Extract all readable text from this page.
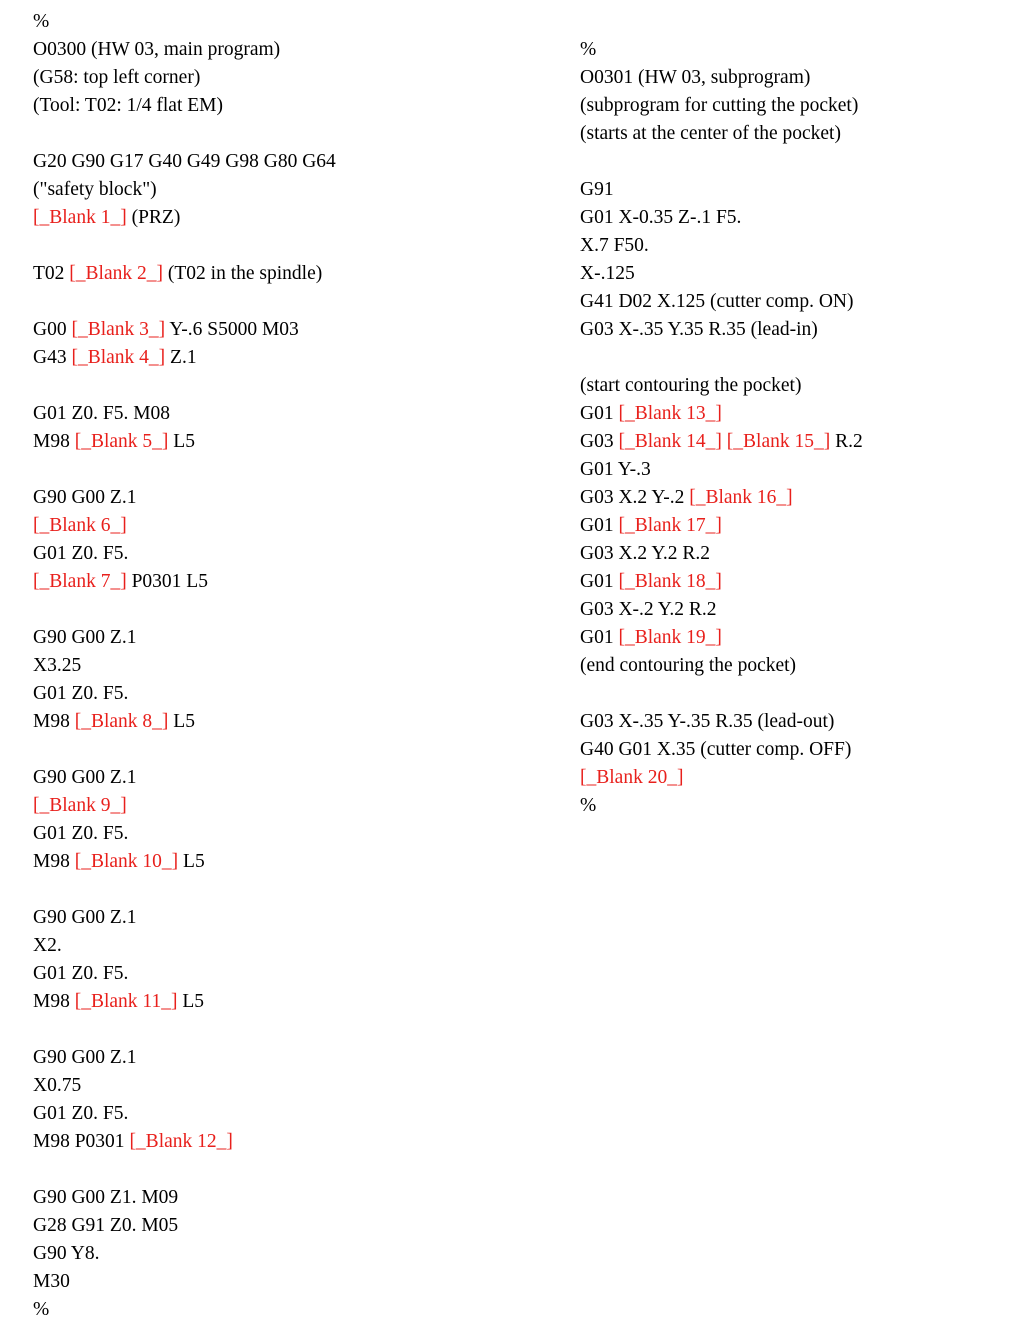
%
O0300 (HW 03, main program)
(G58: top left corner)
(Tool: T02: 1/4 flat EM)
G20 G90 G17 G40 G49 G98 G80 G64
("safety block")
[_Blank 1_] (PRZ)
T02 [_Blank 2_] (T02 in the spindle)
G00 [_Blank 3_] Y-.6 S5000 M03
G43 [_Blank 4_] Z.1
G01 Z0. F5. M08
M98 [_Blank 5_] L5
G90 G00 Z.1
[_Blank 6_]
G01 Z0. F5.
[_Blank 7_] P0301 L5
G90 G00 Z.1
X3.25
G01 Z0. F5.
M98 [_Blank 8_] L5
G90 G00 Z.1
[_Blank 9_]
G01 Z0. F5.
M98 [_Blank 10_] L5
G90 G00 Z.1
X2.
G01 Z0. F5.
M98 [_Blank 11_] L5
G90 G00 Z.1
X0.75
G01 Z0. F5.
M98 P0301 [_Blank 12_]
G90 G00 Z1. M09
G28 G91 Z0. M05
G90 Y8.
M30
%
%
O0301 (HW 03, subprogram)
(subprogram for cutting the pocket)
(starts at the center of the pocket)
G91
G01 X-0.35 Z-.1 F5.
X.7 F50.
X-.125
G41 D02 X.125 (cutter comp. ON)
G03 X-.35 Y.35 R.35 (lead-in)
(start contouring the pocket)
G01 [_Blank 13_]
G03 [_Blank 14_] [_Blank 15_] R.2
G01 Y-.3
G03 X.2 Y-.2 [_Blank 16_]
G01 [_Blank 17_]
G03 X.2 Y.2 R.2
G01 [_Blank 18_]
G03 X-.2 Y.2 R.2
G01 [_Blank 19_]
(end contouring the pocket)
G03 X-.35 Y-.35 R.35 (lead-out)
G40 G01 X.35 (cutter comp. OFF)
[_Blank 20_]
%
